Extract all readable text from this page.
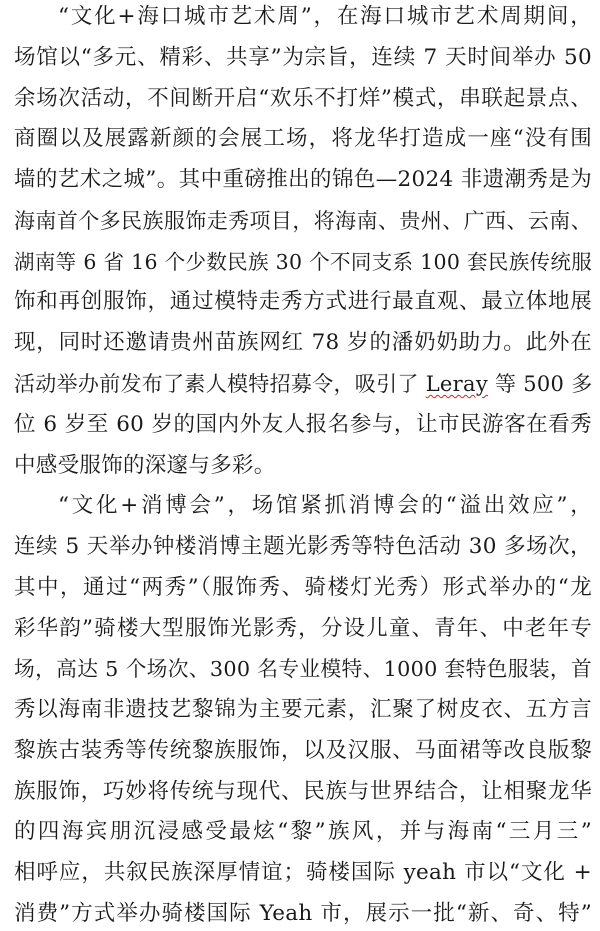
“文化+海口城市艺术周”，在海口城市艺术周期间，
场馆以“多元、精彩、共享”为宗旨，连续 7 天时间举办 50
余场次活动，不间断开启“欢乐不打烊”模式，串联起景点、
商圈以及展露新颜的会展工场，将龙华打造成一座“没有围
墙的艺术之城”。其中重磅推出的锦色—2024 非遗潮秀是为
海南首个多民族服饰走秀项目，将海南、贵州、广西、云南、
湖南等 6 省 16 个少数民族 30 个不同支系 100 套民族传统服
饰和再创服饰，通过模特走秀方式进行最直观、最立体地展
现，同时还邀请贵州苗族网红 78 岁的潘奶奶助力。此外在
活动举办前发布了素人模特招募令，吸引了 Leray 等 500 多
位 6 岁至 60 岁的国内外友人报名参与，让市民游客在看秀
中感受服饰的深邃与多彩。
“文化+消博会”，场馆紧抓消博会的“溢出效应”，
连续 5 天举办钟楼消博主题光影秀等特色活动 30 多场次，
其中，通过“两秀”（服饰秀、骑楼灯光秀）形式举办的“龙
彩华韵”骑楼大型服饰光影秀，分设儿童、青年、中老年专
场，高达 5 个场次、300 名专业模特、1000 套特色服装，首
秀以海南非遗技艺黎锦为主要元素，汇聚了树皮衣、五方言
黎族古装秀等传统黎族服饰，以及汉服、马面裙等改良版黎
族服饰，巧妙将传统与现代、民族与世界结合，让相聚龙华
的四海宾朋沉浸感受最炫“黎”族风，并与海南“三月三”
相呼应，共叙民族深厚情谊；骑楼国际 yeah 市以“文化 +
消费”方式举办骑楼国际 Yeah 市，展示一批“新、奇、特”
